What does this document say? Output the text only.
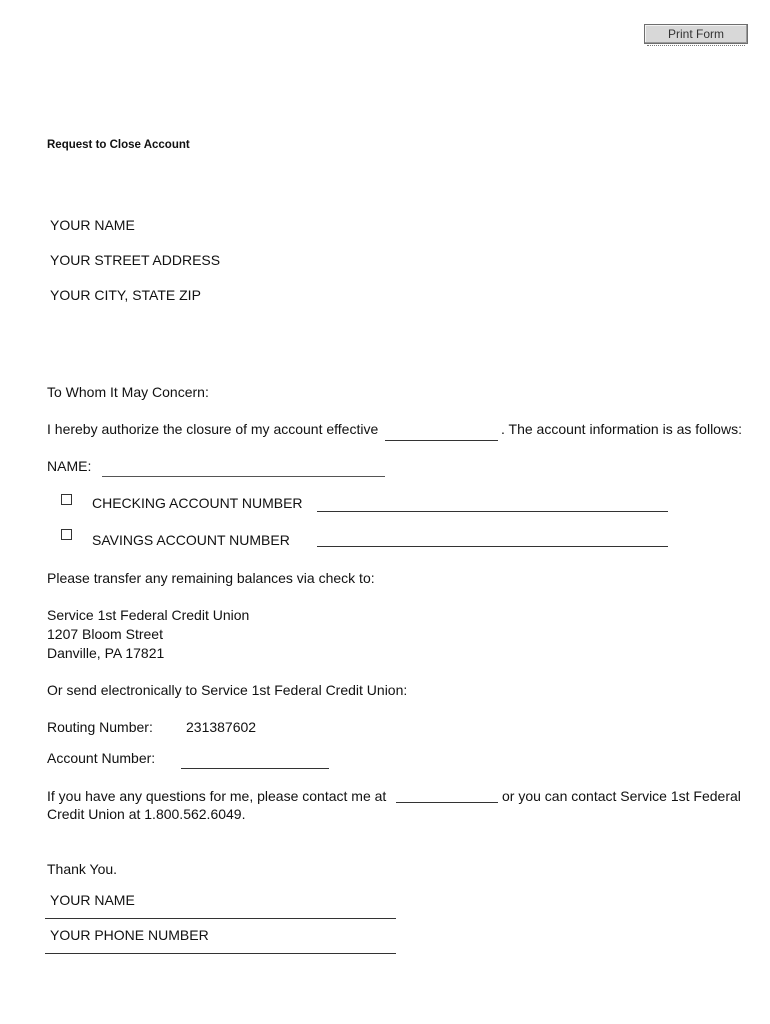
Print Form
Request to Close Account
YOUR NAME
YOUR STREET ADDRESS
YOUR CITY, STATE ZIP
To Whom It May Concern:
I hereby authorize the closure of my account effective	. The account information is as follows:
NAME:
CHECKING ACCOUNT NUMBER
SAVINGS ACCOUNT NUMBER
Please transfer any remaining balances via check to:
Service 1st Federal Credit Union
1207 Bloom Street
Danville, PA 17821
Or send electronically to Service 1st Federal Credit Union:
Routing Number: 231387602
Account Number:
If you have any questions for me, please contact me at	or you can contact Service 1st Federal
Credit Union at 1.800.562.6049.
Thank You.
YOUR NAME
YOUR PHONE NUMBER
